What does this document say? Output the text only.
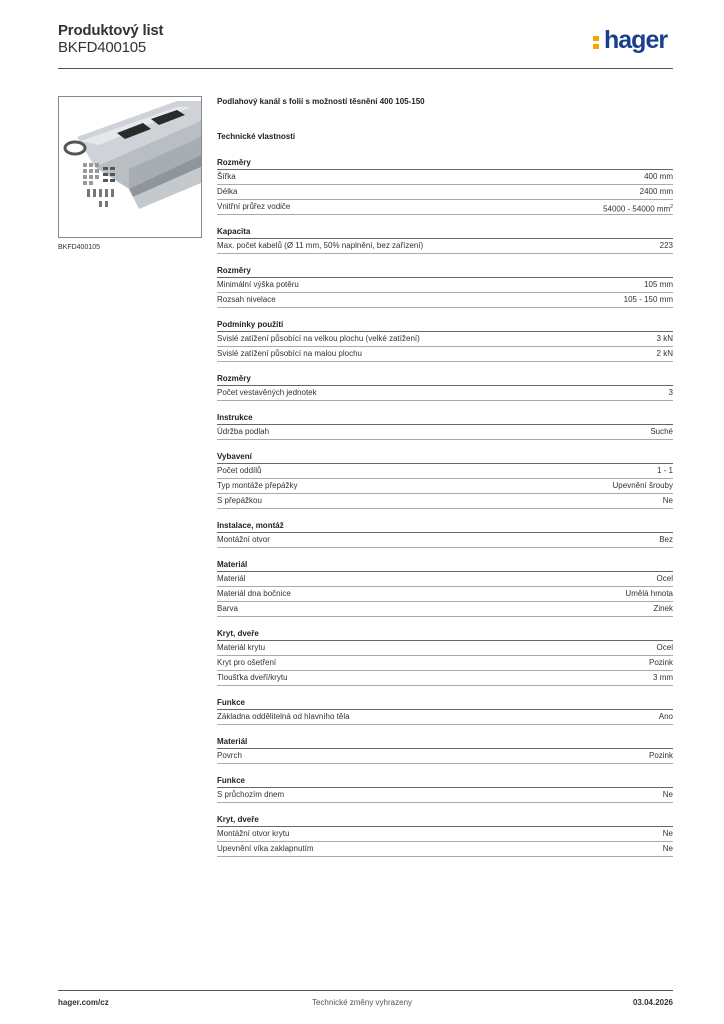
Produktový list
BKFD400105	hager
BKFD400105
Podlahový kanál s folií s možností těsnění 400 105-150
Technické vlastnosti
Rozměry
Šířka	400 mm
Délka	2400 mm
Vnitřní průřez vodiče	54000 - 54000 $mm^2$
Kapacita
Max. počet kabelů (Ø 11 mm, 50% naplnění, bez zařízení)	223
Rozměry
Minimální výška potěru	105 mm
Rozsah nivelace	105 - 150 mm
Podmínky použití
Svislé zatížení působící na velkou plochu (velké zatížení)	3 kN
Svislé zatížení působící na malou plochu	2 kN
Rozměry
Počet vestavěných jednotek	3
Instrukce
Údržba podlah	Suché
Vybavení
Počet oddílů	1 - 1
Typ montáže přepážky	Upevnění šrouby
S přepážkou	Ne
Instalace, montáž
Montážní otvor	Bez
Materiál
Materiál	Ocel
Materiál dna bočnice	Umělá hmota
Barva	Zinek
Kryt, dveře
Materiál krytu	Ocel
Kryt pro ošetření	Pozink
Tloušťka dveří/krytu	3 mm
Funkce
Základna oddělitelná od hlavního těla	Ano
Materiál
Povrch	Pozink
Funkce
S průchozím dnem	Ne
Kryt, dveře
Montážní otvor krytu	Ne
Upevnění víka zaklapnutím	Ne
hager.com/cz	Technické změny vyhrazeny	03.04.2026
